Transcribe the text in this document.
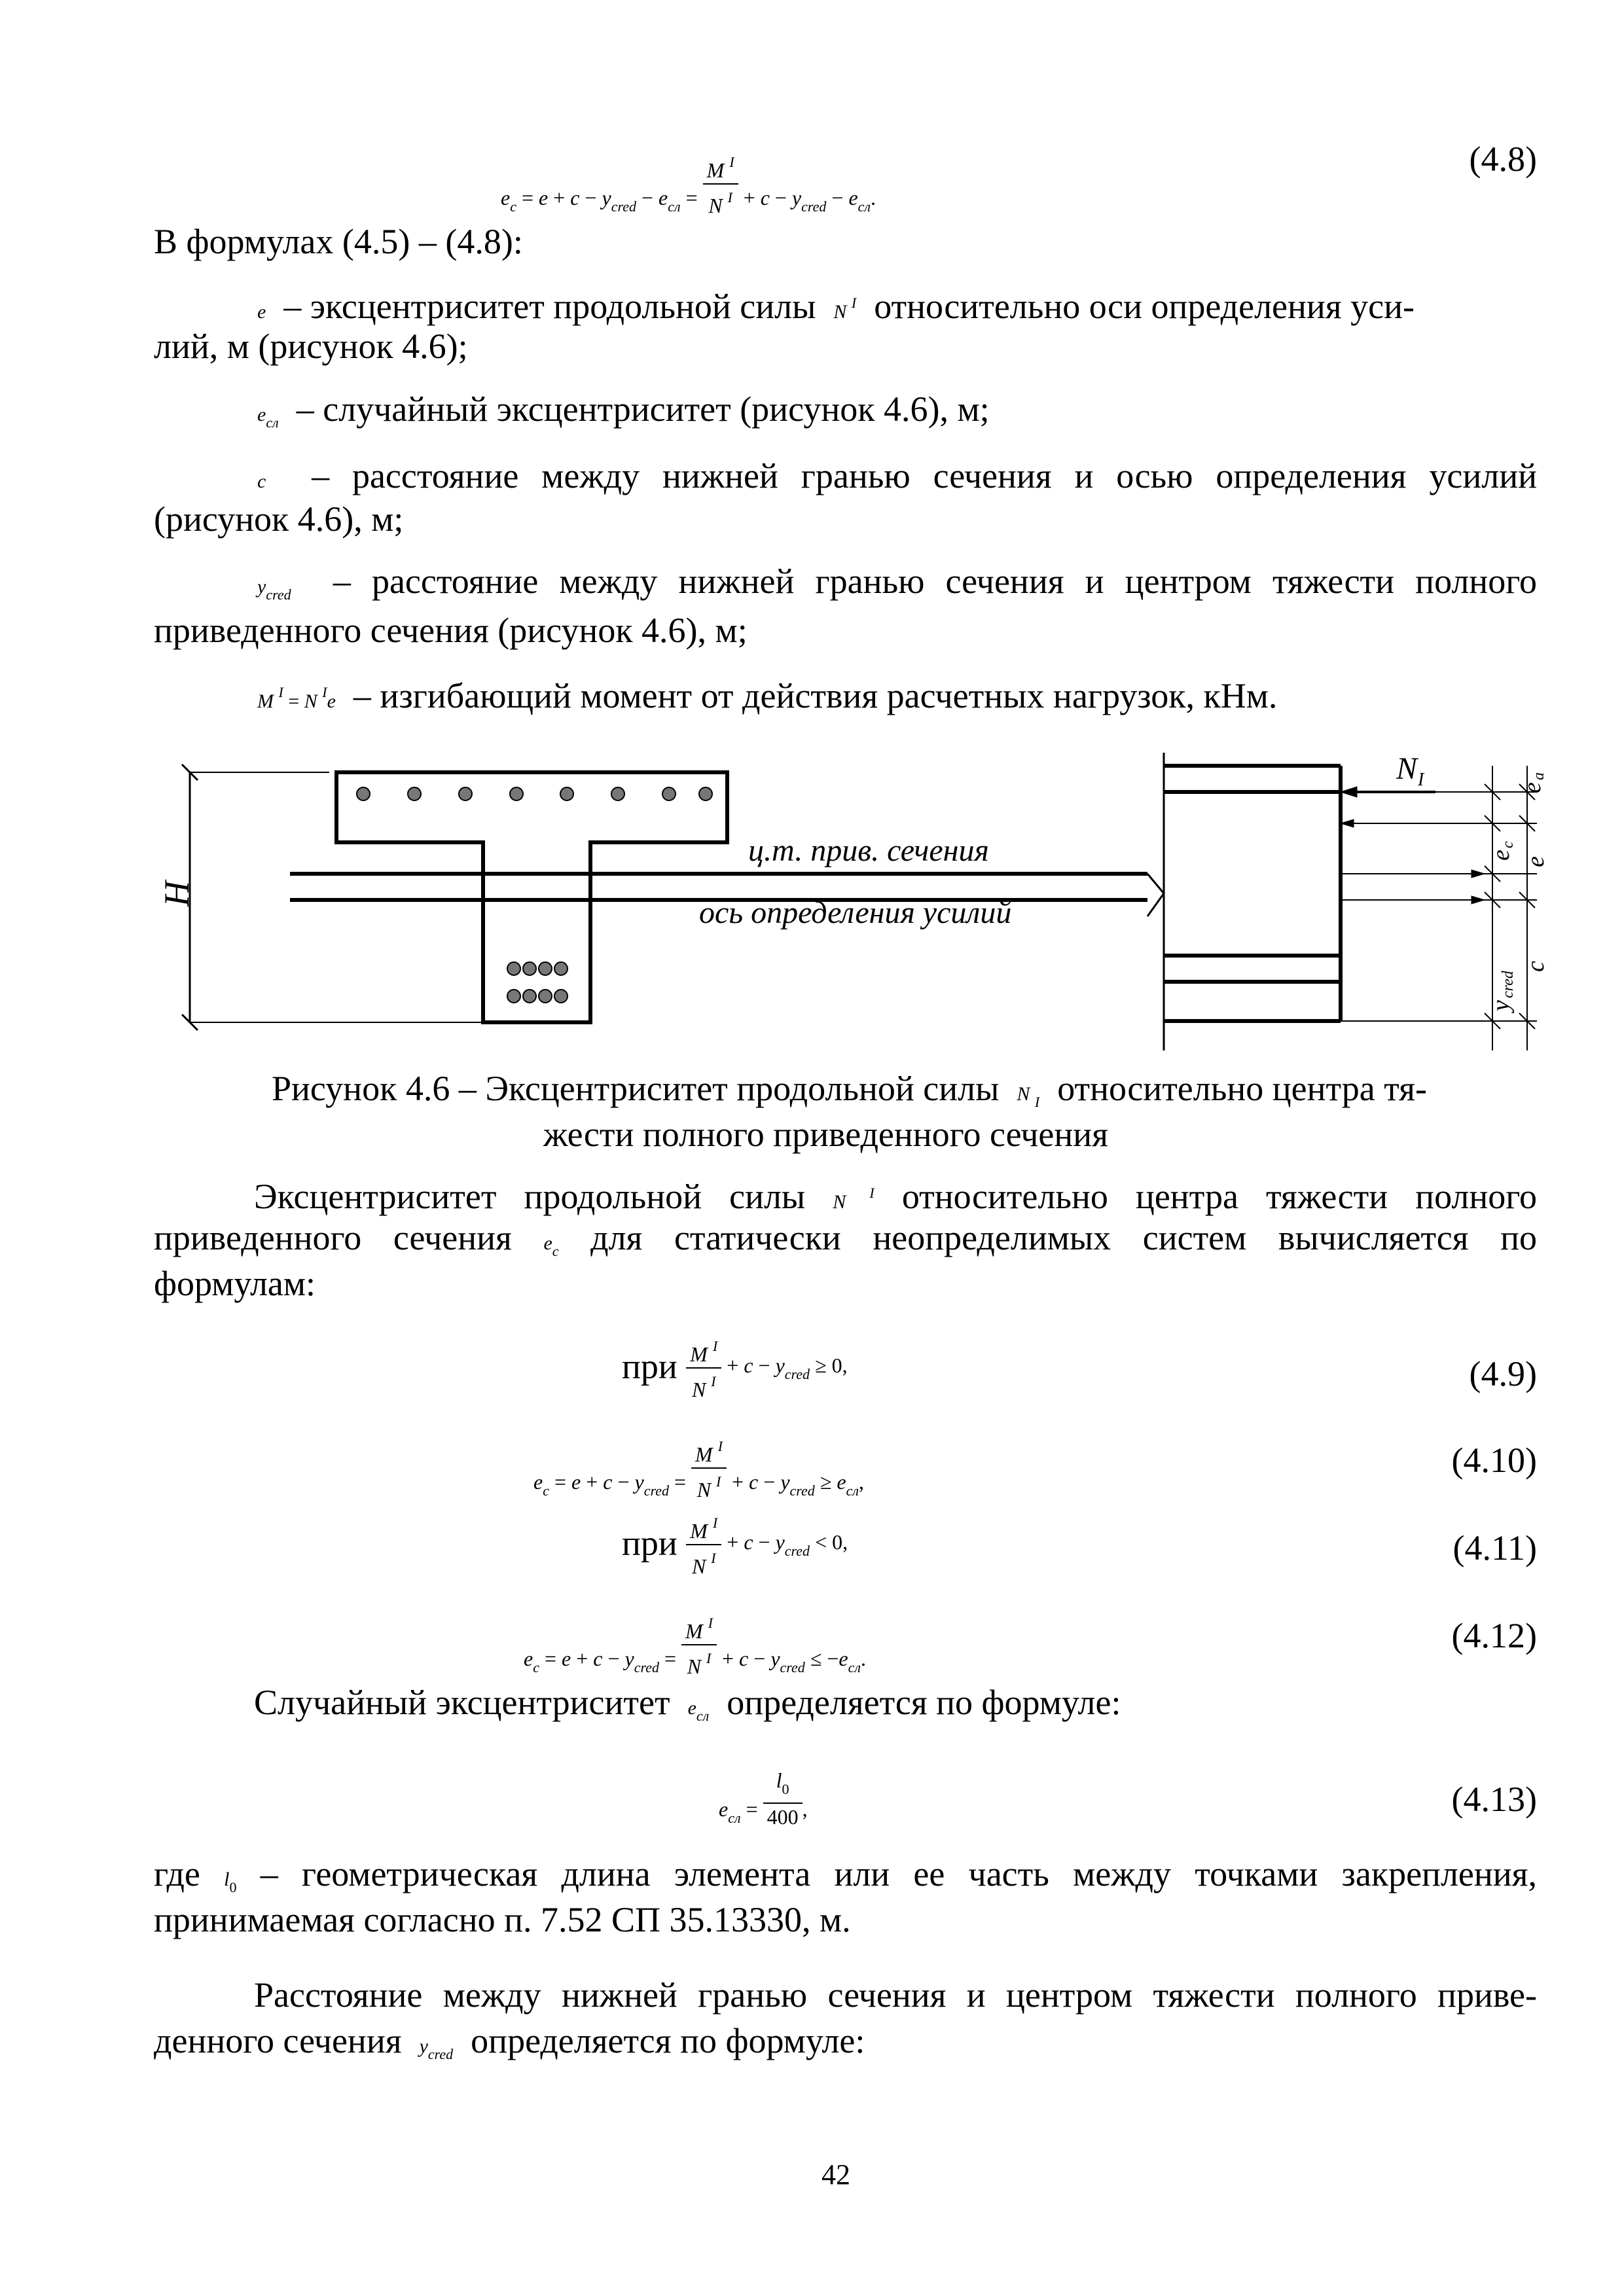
$e_c = e + c - y_{cred} - e_{сл} = \frac{M ^I}{N ^I} + c - y_{cred} - e_{сл}$.
(4.8)
В формулах (4.5) – (4.8):
e – эксцентриситет продольной силы N $^I$ относительно оси определения уси-
лий, м (рисунок 4.6);
$e_{сл}$ – случайный эксцентриситет (рисунок 4.6), м;
c – расстояние между нижней гранью сечения и осью определения усилий
(рисунок 4.6), м;
$y_{cred}$ – расстояние между нижней гранью сечения и центром тяжести полного
приведенного сечения (рисунок 4.6), м;
M $^I$ = N $^I$e – изгибающий момент от действия расчетных нагрузок, кНм.
ц.т. прив. сечения
ось определения усилий
H
N I	e
a
e
c
e
y
cred
c
Рисунок 4.6 – Эксцентриситет продольной силы N $_I$ относительно центра тя-
жести полного приведенного сечения
Эксцентриситет продольной силы N $^I$ относительно центра тяжести полного
приведенного сечения $e_c$ для статически неопределимых систем вычисляется по
формулам:
при $\frac{M ^I}{N ^I} + c - y_{cred} \ge 0$,	(4.9)
$e_c = e + c - y_{cred} = \frac{M ^I}{N ^I} + c - y_{cred} \ge e_{сл}$,
(4.10)
при $\frac{M ^I}{N ^I} + c - y_{cred} < 0$,	(4.11)
$e_c = e + c - y_{cred} = \frac{M ^I}{N ^I} + c - y_{cred} \le -e_{сл}$.
(4.12)
Случайный эксцентриситет $e_{сл}$ определяется по формуле:
$e_{сл} = \frac{l_0}{400}$ ,	(4.13)
где $l_0$ – геометрическая длина элемента или ее часть между точками закрепления,
принимаемая согласно п. 7.52 СП 35.13330, м.
Расстояние между нижней гранью сечения и центром тяжести полного приве-
денного сечения $y_{cred}$ определяется по формуле:
42
